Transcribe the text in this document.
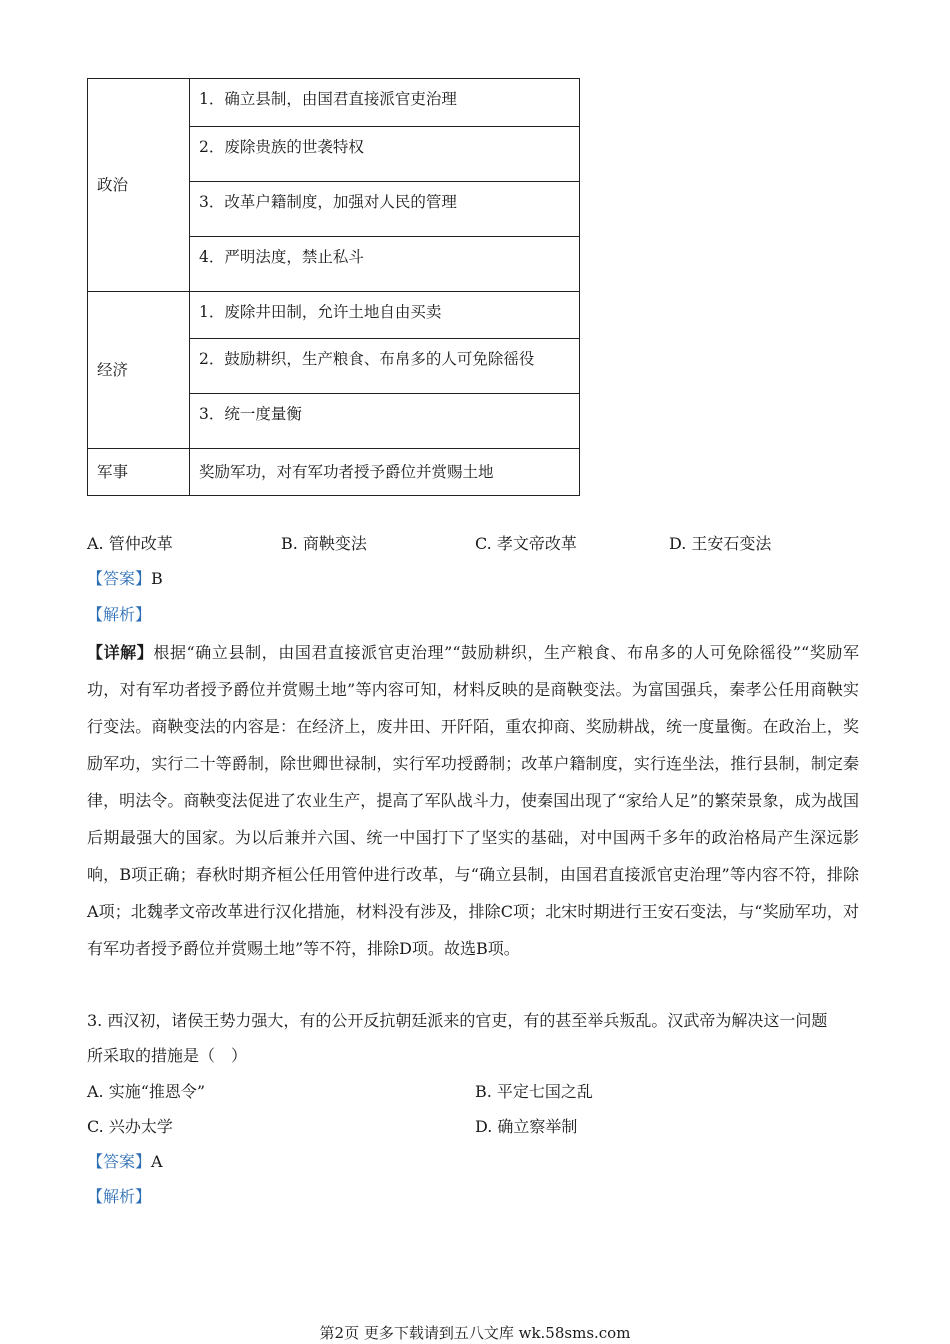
政治	1．确立县制，由国君直接派官吏治理
	2．废除贵族的世袭特权
	3．改革户籍制度，加强对人民的管理
	4．严明法度，禁止私斗
经济	1．废除井田制，允许土地自由买卖
	2．鼓励耕织，生产粮食、布帛多的人可免除徭役
	3．统一度量衡
军事	奖励军功，对有军功者授予爵位并赏赐土地
A. 管仲改革	B. 商鞅变法	C. 孝文帝改革	D. 王安石变法
【答案】B
【解析】

【详解】根据“确立县制，由国君直接派官吏治理”“鼓励耕织，生产粮食、布帛多的人可免除徭役”“奖励军功，对有军功者授予爵位并赏赐土地”等内容可知，材料反映的是商鞅变法。为富国强兵，秦孝公任用商鞅实行变法。商鞅变法的内容是：在经济上，废井田、开阡陌，重农抑商、奖励耕战，统一度量衡。在政治上，奖励军功，实行二十等爵制，除世卿世禄制，实行军功授爵制；改革户籍制度，实行连坐法，推行县制，制定秦律，明法令。商鞅变法促进了农业生产，提高了军队战斗力，使秦国出现了“家给人足”的繁荣景象，成为战国后期最强大的国家。为以后兼并六国、统一中国打下了坚实的基础，对中国两千多年的政治格局产生深远影响，B项正确；春秋时期齐桓公任用管仲进行改革，与“确立县制，由国君直接派官吏治理”等内容不符，排除A项；北魏孝文帝改革进行汉化措施，材料没有涉及，排除C项；北宋时期进行王安石变法，与“奖励军功，对有军功者授予爵位并赏赐土地”等不符，排除D项。故选B项。

3. 西汉初，诸侯王势力强大，有的公开反抗朝廷派来的官吏，有的甚至举兵叛乱。汉武帝为解决这一问题
所采取的措施是（　）
A. 实施“推恩令”	B. 平定七国之乱
C. 兴办太学	D. 确立察举制
【答案】A
【解析】
第2页 更多下载请到五八文库 wk.58sms.com
